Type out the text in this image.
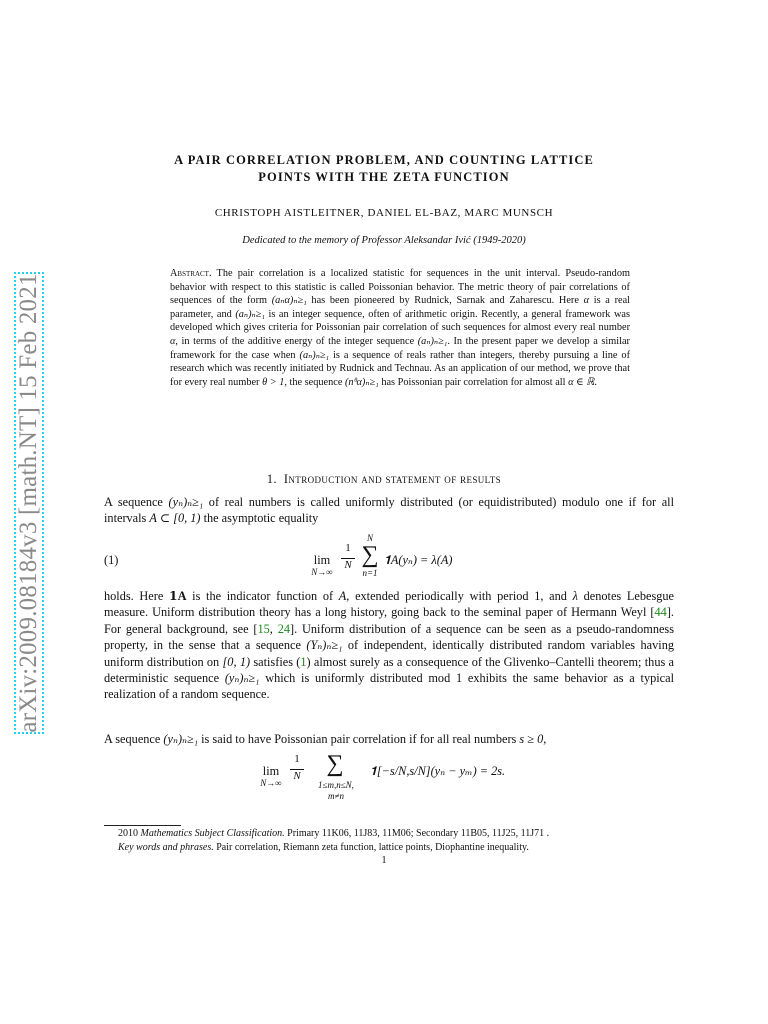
arXiv:2009.08184v3 [math.NT] 15 Feb 2021
A PAIR CORRELATION PROBLEM, AND COUNTING LATTICE
POINTS WITH THE ZETA FUNCTION
CHRISTOPH AISTLEITNER, DANIEL EL-BAZ, MARC MUNSCH
Dedicated to the memory of Professor Aleksandar Ivić (1949-2020)
Abstract. The pair correlation is a localized statistic for sequences in the unit interval. Pseudo-random behavior with respect to this statistic is called Poissonian behavior. The metric theory of pair correlations of sequences of the form (aₙα)ₙ≥₁ has been pioneered by Rudnick, Sarnak and Zaharescu. Here α is a real parameter, and (aₙ)ₙ≥₁ is an integer sequence, often of arithmetic origin. Recently, a general framework was developed which gives criteria for Poissonian pair correlation of such sequences for almost every real number α, in terms of the additive energy of the integer sequence (aₙ)ₙ≥₁. In the present paper we develop a similar framework for the case when (aₙ)ₙ≥₁ is a sequence of reals rather than integers, thereby pursuing a line of research which was recently initiated by Rudnick and Technau. As an application of our method, we prove that for every real number θ > 1, the sequence (nᶿα)ₙ≥₁ has Poissonian pair correlation for almost all α ∈ ℝ.
1. Introduction and statement of results
A sequence (yₙ)ₙ≥₁ of real numbers is called uniformly distributed (or equidistributed) modulo one if for all intervals A ⊂ [0, 1) the asymptotic equality
(1)	lim
N→∞
1
N
N
∑
n=1
𝟏A(yₙ) = λ(A)
holds. Here 𝟏A is the indicator function of A, extended periodically with period 1, and λ denotes Lebesgue measure. Uniform distribution theory has a long history, going back to the seminal paper of Hermann Weyl [44]. For general background, see [15, 24]. Uniform distribution of a sequence can be seen as a pseudo-randomness property, in the sense that a sequence (Yₙ)ₙ≥₁ of independent, identically distributed random variables having uniform distribution on [0, 1) satisfies (1) almost surely as a consequence of the Glivenko–Cantelli theorem; thus a deterministic sequence (yₙ)ₙ≥₁ which is uniformly distributed mod 1 exhibits the same behavior as a typical realization of a random sequence.
A sequence (yₙ)ₙ≥₁ is said to have Poissonian pair correlation if for all real numbers s ≥ 0,
lim
N→∞
1
N ∑
1≤m,n≤N,
m≠n
𝟏[−s/N,s/N](yₙ − yₘ) = 2s.
2010 Mathematics Subject Classification. Primary 11K06, 11J83, 11M06; Secondary 11B05, 11J25, 11J71 .
Key words and phrases. Pair correlation, Riemann zeta function, lattice points, Diophantine inequality.
1
